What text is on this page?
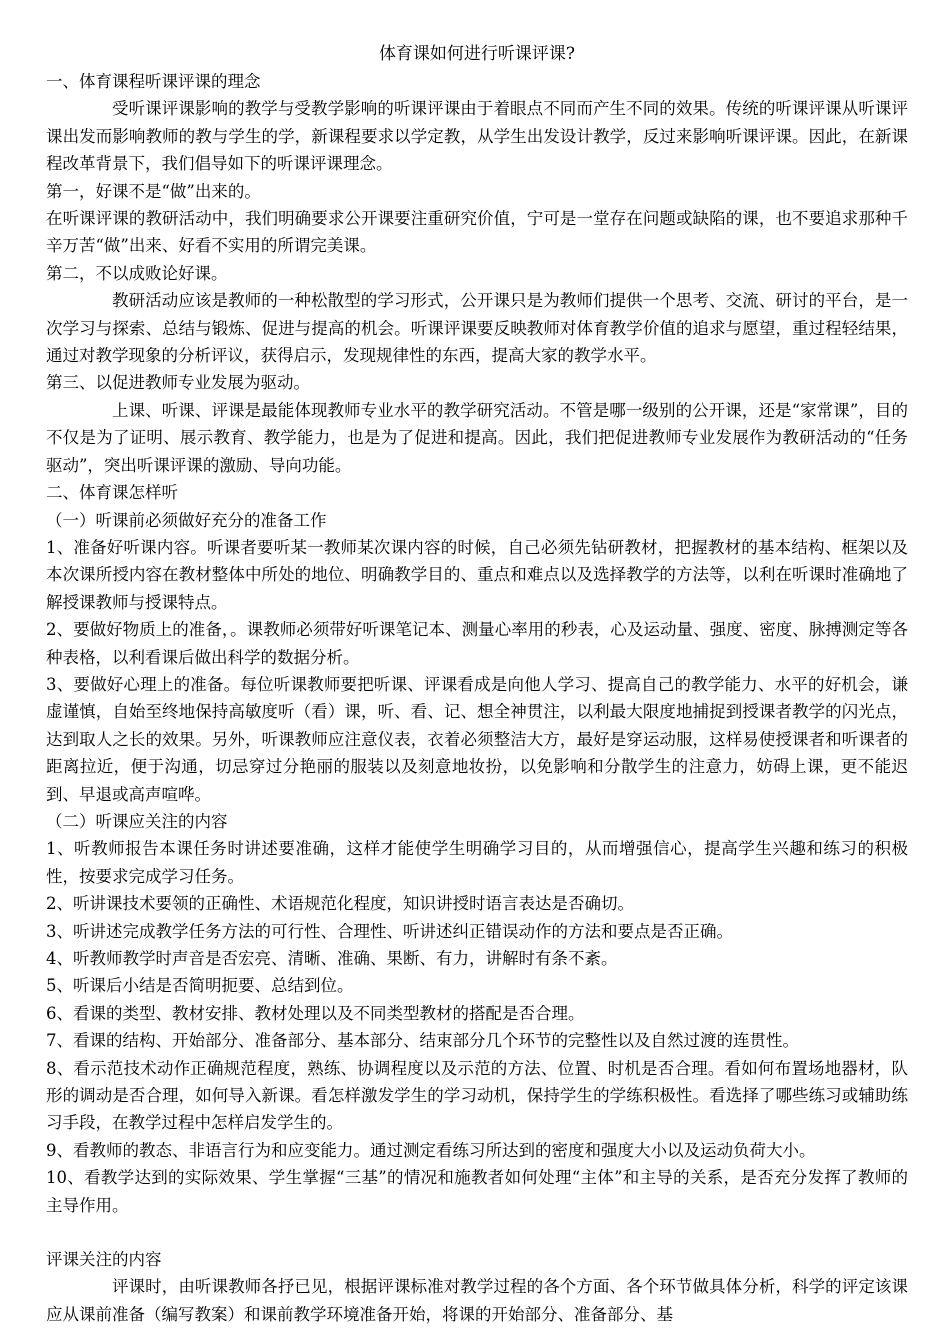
体育课如何进行听课评课?

一、体育课程听课评课的理念

受听课评课影响的教学与受教学影响的听课评课由于着眼点不同而产生不同的效果。传统的听课评课从听课评课出发而影响教师的教与学生的学，新课程要求以学定教，从学生出发设计教学，反过来影响听课评课。因此，在新课程改革背景下，我们倡导如下的听课评课理念。

第一，好课不是“做”出来的。

在听课评课的教研活动中，我们明确要求公开课要注重研究价值，宁可是一堂存在问题或缺陷的课，也不要追求那种千辛万苦“做”出来、好看不实用的所谓完美课。

第二，不以成败论好课。

教研活动应该是教师的一种松散型的学习形式，公开课只是为教师们提供一个思考、交流、研讨的平台，是一次学习与探索、总结与锻炼、促进与提高的机会。听课评课要反映教师对体育教学价值的追求与愿望，重过程轻结果，通过对教学现象的分析评议，获得启示，发现规律性的东西，提高大家的教学水平。

第三、以促进教师专业发展为驱动。

上课、听课、评课是最能体现教师专业水平的教学研究活动。不管是哪一级别的公开课，还是“家常课”，目的不仅是为了证明、展示教育、教学能力，也是为了促进和提高。因此，我们把促进教师专业发展作为教研活动的“任务驱动”，突出听课评课的激励、导向功能。

二、体育课怎样听

（一）听课前必须做好充分的准备工作

1、准备好听课内容。听课者要听某一教师某次课内容的时候，自己必须先钻研教材，把握教材的基本结构、框架以及本次课所授内容在教材整体中所处的地位、明确教学目的、重点和难点以及选择教学的方法等，以利在听课时准确地了解授课教师与授课特点。

2、要做好物质上的准备，。课教师必须带好听课笔记本、测量心率用的秒表，心及运动量、强度、密度、脉搏测定等各种表格，以利看课后做出科学的数据分析。

3、要做好心理上的准备。每位听课教师要把听课、评课看成是向他人学习、提高自己的教学能力、水平的好机会，谦虚谨慎，自始至终地保持高敏度听（看）课，听、看、记、想全神贯注，以利最大限度地捕捉到授课者教学的闪光点，达到取人之长的效果。另外，听课教师应注意仪表，衣着必须整洁大方，最好是穿运动服，这样易使授课者和听课者的距离拉近，便于沟通，切忌穿过分艳丽的服装以及刻意地妆扮，以免影响和分散学生的注意力，妨碍上课，更不能迟到、早退或高声喧哗。

（二）听课应关注的内容

1、听教师报告本课任务时讲述要准确，这样才能使学生明确学习目的，从而增强信心，提高学生兴趣和练习的积极性，按要求完成学习任务。

2、听讲课技术要领的正确性、术语规范化程度，知识讲授时语言表达是否确切。

3、听讲述完成教学任务方法的可行性、合理性、听讲述纠正错误动作的方法和要点是否正确。

4、听教师教学时声音是否宏亮、清晰、准确、果断、有力，讲解时有条不紊。

5、听课后小结是否简明扼要、总结到位。

6、看课的类型、教材安排、教材处理以及不同类型教材的搭配是否合理。

7、看课的结构、开始部分、准备部分、基本部分、结束部分几个环节的完整性以及自然过渡的连贯性。

8、看示范技术动作正确规范程度，熟练、协调程度以及示范的方法、位置、时机是否合理。看如何布置场地器材，队形的调动是否合理，如何导入新课。看怎样激发学生的学习动机，保持学生的学练积极性。看选择了哪些练习或辅助练习手段，在教学过程中怎样启发学生的。

9、看教师的教态、非语言行为和应变能力。通过测定看练习所达到的密度和强度大小以及运动负荷大小。

10、看教学达到的实际效果、学生掌握“三基”的情况和施教者如何处理“主体”和主导的关系，是否充分发挥了教师的主导作用。

评课关注的内容

评课时，由听课教师各抒已见，根据评课标准对教学过程的各个方面、各个环节做具体分析，科学的评定该课应从课前准备（编写教案）和课前教学环境准备开始，将课的开始部分、准备部分、基
